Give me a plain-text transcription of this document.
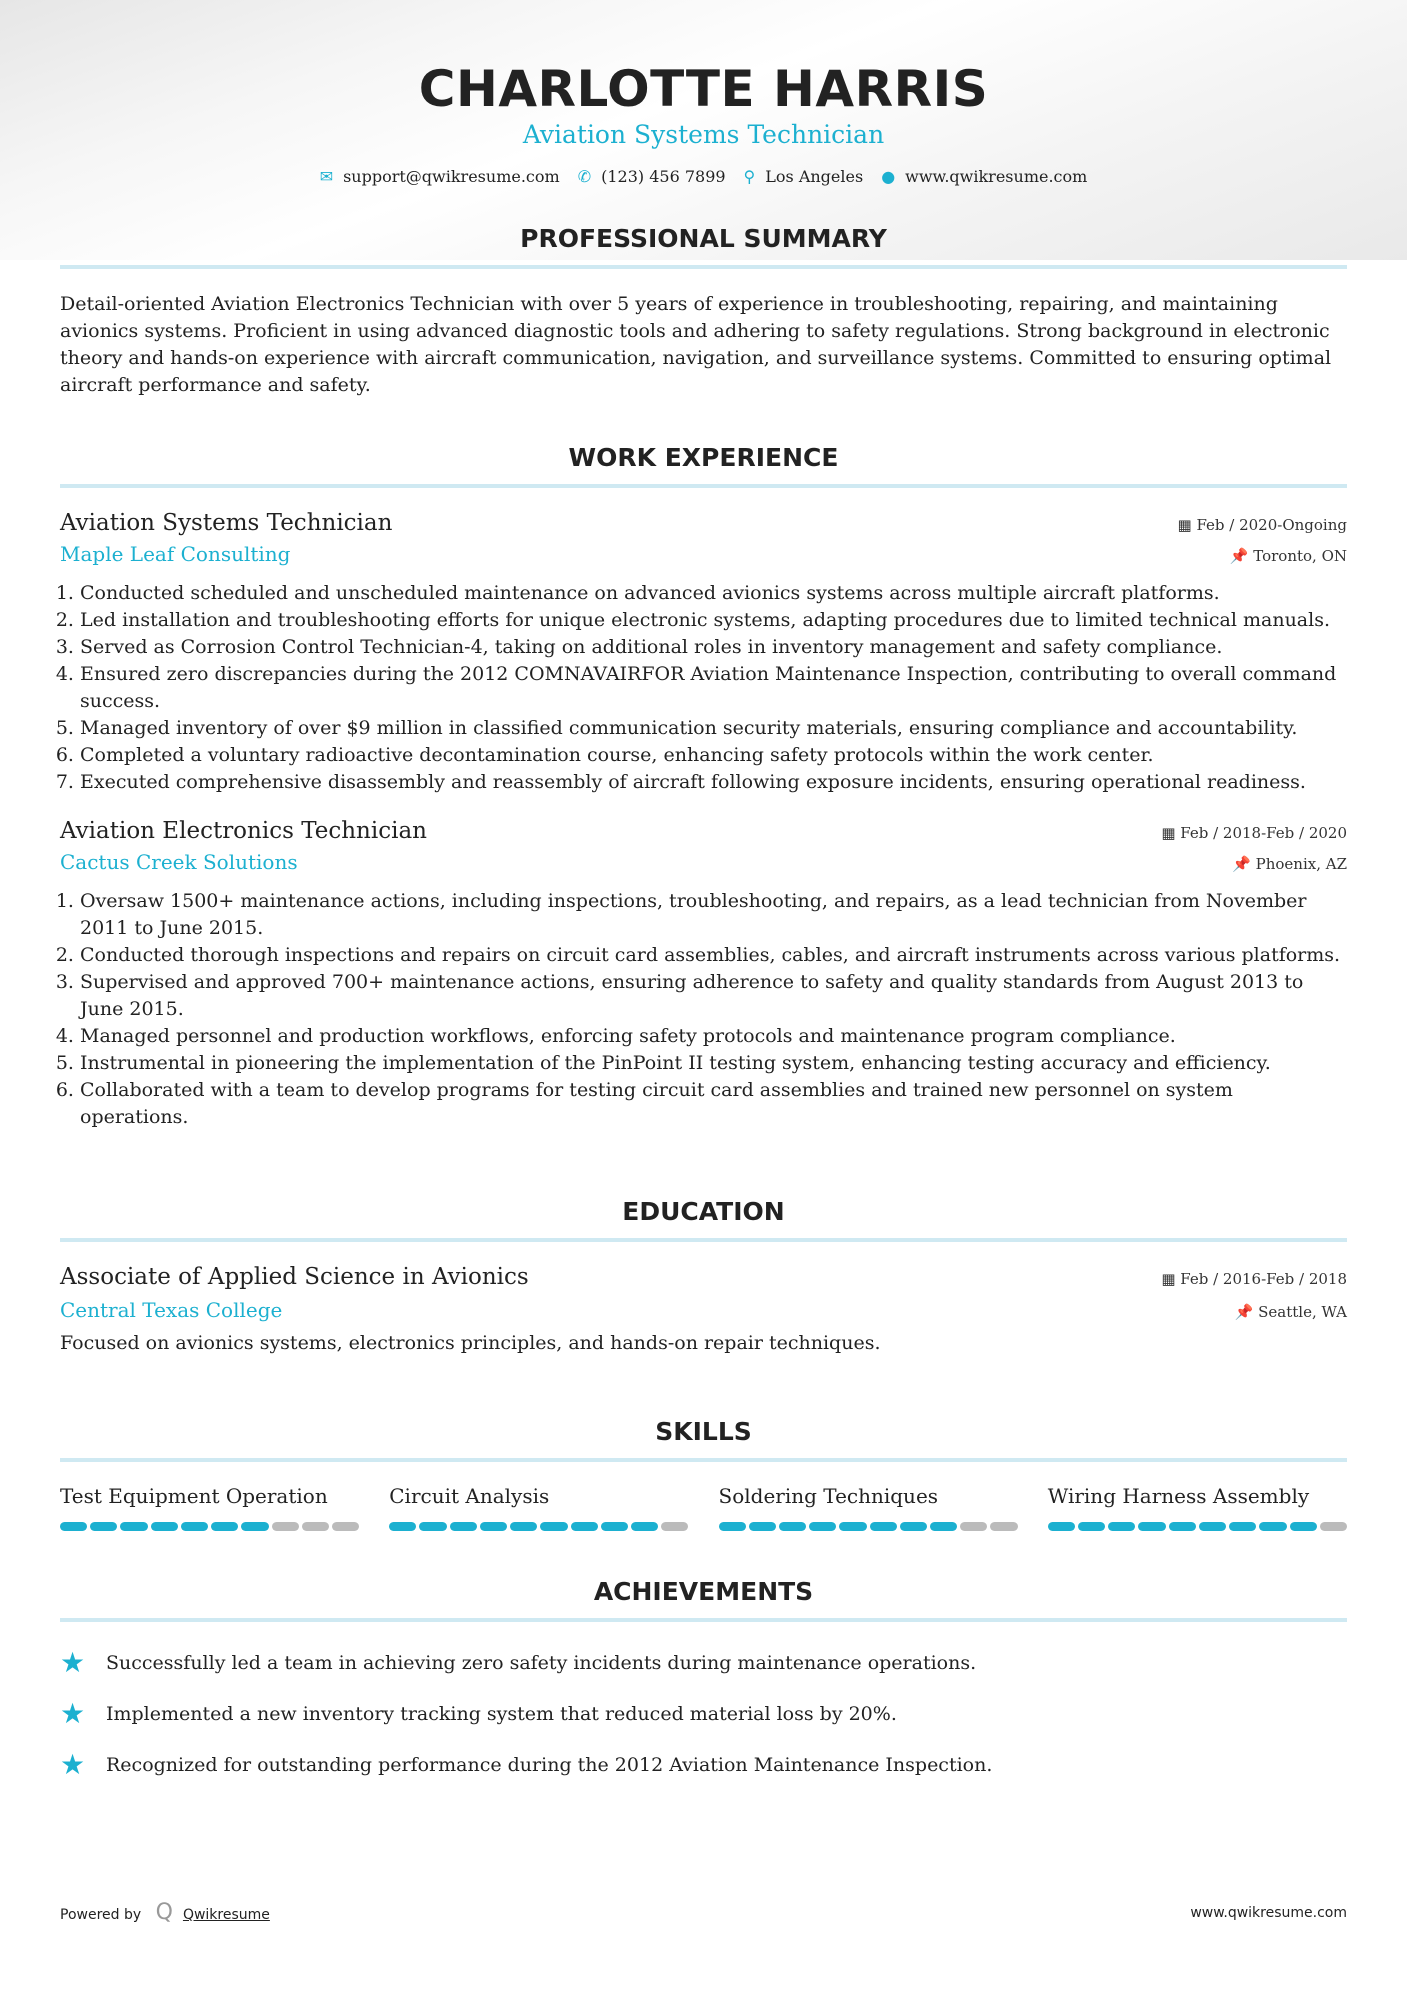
CHARLOTTE HARRIS
Aviation Systems Technician
✉ support@qwikresume.com ✆ (123) 456 7899 ⚲ Los Angeles ● www.qwikresume.com
PROFESSIONAL SUMMARY

Detail-oriented Aviation Electronics Technician with over 5 years of experience in troubleshooting, repairing, and maintaining avionics systems. Proficient in using advanced diagnostic tools and adhering to safety regulations. Strong background in electronic theory and hands-on experience with aircraft communication, navigation, and surveillance systems. Committed to ensuring optimal aircraft performance and safety.

WORK EXPERIENCE
Aviation Systems Technician	▦ Feb / 2020-Ongoing
Maple Leaf Consulting	📌 Toronto, ON
1. Conducted scheduled and unscheduled maintenance on advanced avionics systems across multiple aircraft platforms.
2. Led installation and troubleshooting efforts for unique electronic systems, adapting procedures due to limited technical manuals.
3. Served as Corrosion Control Technician-4, taking on additional roles in inventory management and safety compliance.
4. Ensured zero discrepancies during the 2012 COMNAVAIRFOR Aviation Maintenance Inspection, contributing to overall command success.
5. Managed inventory of over $9 million in classified communication security materials, ensuring compliance and accountability.
6. Completed a voluntary radioactive decontamination course, enhancing safety protocols within the work center.
7. Executed comprehensive disassembly and reassembly of aircraft following exposure incidents, ensuring operational readiness.
Aviation Electronics Technician	▦ Feb / 2018-Feb / 2020
Cactus Creek Solutions	📌 Phoenix, AZ
1. Oversaw 1500+ maintenance actions, including inspections, troubleshooting, and repairs, as a lead technician from November 2011 to June 2015.
2. Conducted thorough inspections and repairs on circuit card assemblies, cables, and aircraft instruments across various platforms.
3. Supervised and approved 700+ maintenance actions, ensuring adherence to safety and quality standards from August 2013 to June 2015.
4. Managed personnel and production workflows, enforcing safety protocols and maintenance program compliance.
5. Instrumental in pioneering the implementation of the PinPoint II testing system, enhancing testing accuracy and efficiency.
6. Collaborated with a team to develop programs for testing circuit card assemblies and trained new personnel on system operations.
EDUCATION
Associate of Applied Science in Avionics	▦ Feb / 2016-Feb / 2018
Central Texas College	📌 Seattle, WA

Focused on avionics systems, electronics principles, and hands-on repair techniques.

SKILLS
Test Equipment Operation	Circuit Analysis	Soldering Techniques	Wiring Harness Assembly
ACHIEVEMENTS
★ Successfully led a team in achieving zero safety incidents during maintenance operations.
★ Implemented a new inventory tracking system that reduced material loss by 20%.
★ Recognized for outstanding performance during the 2012 Aviation Maintenance Inspection.
Powered by Q Qwikresume	www.qwikresume.com
